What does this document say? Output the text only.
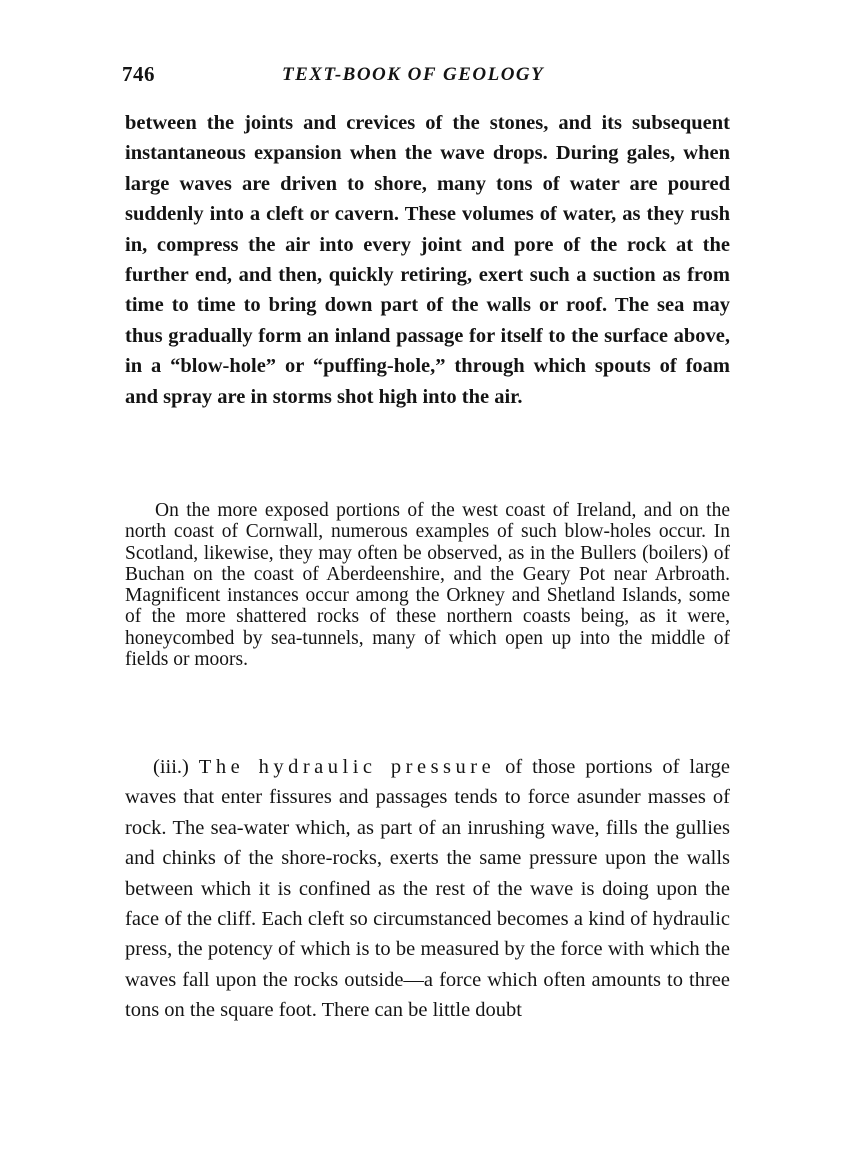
746	TEXT-BOOK OF GEOLOGY

between the joints and crevices of the stones, and its subsequent instantaneous expansion when the wave drops. During gales, when large waves are driven to shore, many tons of water are poured suddenly into a cleft or cavern. These volumes of water, as they rush in, compress the air into every joint and pore of the rock at the further end, and then, quickly retiring, exert such a suction as from time to time to bring down part of the walls or roof. The sea may thus gradually form an inland passage for itself to the surface above, in a “blow-hole” or “puffing-hole,” through which spouts of foam and spray are in storms shot high into the air.

On the more exposed portions of the west coast of Ireland, and on the north coast of Cornwall, numerous examples of such blow-holes occur. In Scotland, likewise, they may often be observed, as in the Bullers (boilers) of Buchan on the coast of Aberdeenshire, and the Geary Pot near Arbroath. Magnificent instances occur among the Orkney and Shetland Islands, some of the more shattered rocks of these northern coasts being, as it were, honeycombed by sea-tunnels, many of which open up into the middle of fields or moors.

(iii.) The hydraulic pressure of those portions of large waves that enter fissures and passages tends to force asunder masses of rock. The sea-water which, as part of an inrushing wave, fills the gullies and chinks of the shore-rocks, exerts the same pressure upon the walls between which it is confined as the rest of the wave is doing upon the face of the cliff. Each cleft so circumstanced becomes a kind of hydraulic press, the potency of which is to be measured by the force with which the waves fall upon the rocks outside—a force which often amounts to three tons on the square foot. There can be little doubt
